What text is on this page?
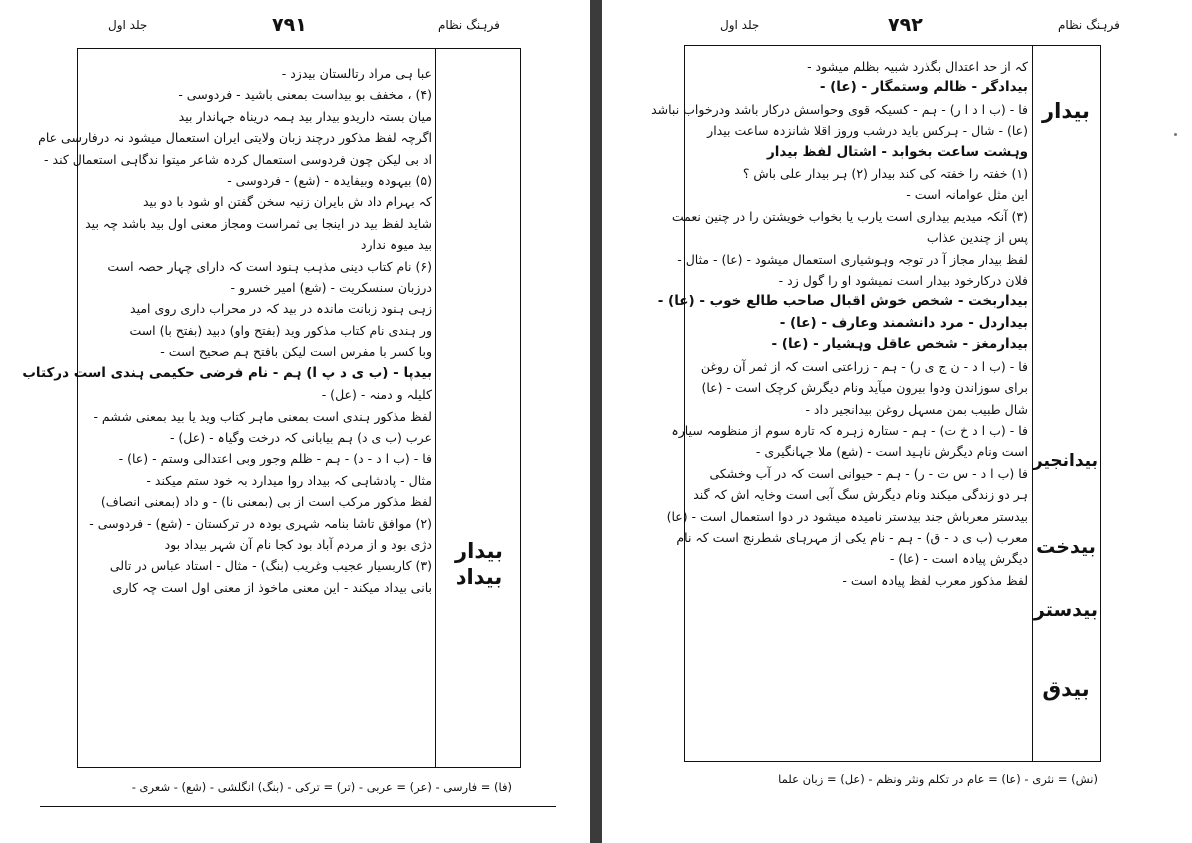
فرہنگ نظام
۷۹۱
جلد اول
عبا ہی مراد رتالستان بیدزد -
(۴) ، مخفف بو بیداست بمعنی باشید - فردوسی -
میان بستہ داریدو بیدار بید ہمہ دریناہ جہاندار بید
اگرچہ لفظ مذکور درچند زبان ولایتی ایران استعمال میشود نہ درفارسی عام
اد بی لیکن چون فردوسی استعمال کردہ شاعر میتوا ندگاہی استعمال کند -
(۵) بیہودہ وبیفایدہ - (شع) - فردوسی -
کہ بہرام داد ش بایران زنیہ سخن گفتن او شود با دو بید
شاید لفظ بید در اینجا بی ثمراست ومجاز معنی اول بید باشد چہ بید
بید میوہ ندارد
(۶) نام کتاب دینی مذہب ہنود است کہ دارای چہار حصہ است
درزبان سنسکریت - (شع) امیر خسرو -
زہی ہنود زبانت ماندہ در بید کہ در محراب داری روی امید
ور ہندی نام کتاب مذکور وید (بفتح واو) دبید (بفتح با) است
وبا کسر با مفرس است لیکن بافتح ہم صحیح است -
بیدپا - (ب ی د پ ا) ہم - نام فرضی حکیمی ہندی است درکتاب
کلیلہ و دمنہ - (عل) -
لفظ مذکور ہندی است بمعنی ماہر کتاب وید یا بید بمعنی ششم -
عرب (ب ی د) ہم بیابانی کہ درخت وگیاہ - (عل) -
فا - (ب ا د - د) - ہم - ظلم وجور وبی اعتدالی وستم - (عا) -
مثال - پادشاہی کہ بیداد روا میدارد بہ خود ستم میکند -
لفظ مذکور مرکب است از بی (بمعنی نا) - و داد (بمعنی انصاف)
(۲) موافق تاشا بنامہ شہری بودہ در ترکستان - (شع) - فردوسی -
دژی بود و از مردم آباد بود کجا نام آن شہر بیداد بود
(۳) کاربسیار عجیب وغریب (بنگ) - مثال - استاد عباس در تالی
بانی بیداد میکند - این معنی ماخوذ از معنی اول است چہ کاری
بیدار
بیداد
(فا) = فارسی - (عر) = عربی - (تر) = ترکی - (بنگ) انگلشی - (شع) - شعری -
فرہنگ نظام
۷۹۲
جلد اول
کہ از حد اعتدال بگذرد شبیہ بظلم میشود -
بیدادگر - ظالم وستمگار - (عا) -
فا - (ب ا د ا ر) - ہم - کسیکہ قوی وحواسش درکار باشد ودرخواب نباشد
(عا) - شال - ہرکس باید درشب وروز اقلا شانزدہ ساعت بیدار
وہشت ساعت بخوابد - اشتال لفظ بیدار
(۱) خفتہ را خفتہ کی کند بیدار (۲) ہر بیدار علی باش ؟
این مثل عوامانہ است -
(۳) آنکہ میدیم بیداری است یارب یا بخواب خویشتن را در چنین نعمت
پس از چندین عذاب
لفظ بیدار مجاز آ در توجہ وہوشیاری استعمال میشود - (عا) - مثال -
فلان درکارخود بیدار است نمیشود او را گول زد -
بیداربخت - شخص خوش اقبال صاحب طالع خوب - (عا) -
بیداردل - مرد دانشمند وعارف - (عا) -
بیدارمغز - شخص عاقل وہشیار - (عا) -
فا - (ب ا د - ن ج ی ر) - ہم - زراعتی است کہ از ثمر آن روغن
برای سوزاندن ودوا بیرون میآید ونام دیگرش کرچک است - (عا)
شال طبیب بمن مسہل روغن بیدانجیر داد -
فا - (ب ا د خ ت) - ہم - ستارہ زہرہ کہ تارہ سوم از منظومہ سیارہ
است ونام دیگرش ناہید است - (شع) ملا جہانگیری -
فا (ب ا د - س ت - ر) - ہم - حیوانی است کہ در آب وخشکی
ہر دو زندگی میکند ونام دیگرش سگ آبی است وخایہ اش کہ گند
بیدستر معرباش جند بیدستر نامیدہ میشود در دوا استعمال است - (عا)
معرب (ب ی د - ق) - ہم - نام یکی از مہرہای شطرنج است کہ نام
دیگرش پیادہ است - (عا) -
لفظ مذکور معرب لفظ پیادہ است -
بیدار
بیدانجیر
بیدخت
بیدستر
بیدق
(نش) = نثری - (عا) = عام در تکلم ونثر ونظم - (عل) = زبان علما
